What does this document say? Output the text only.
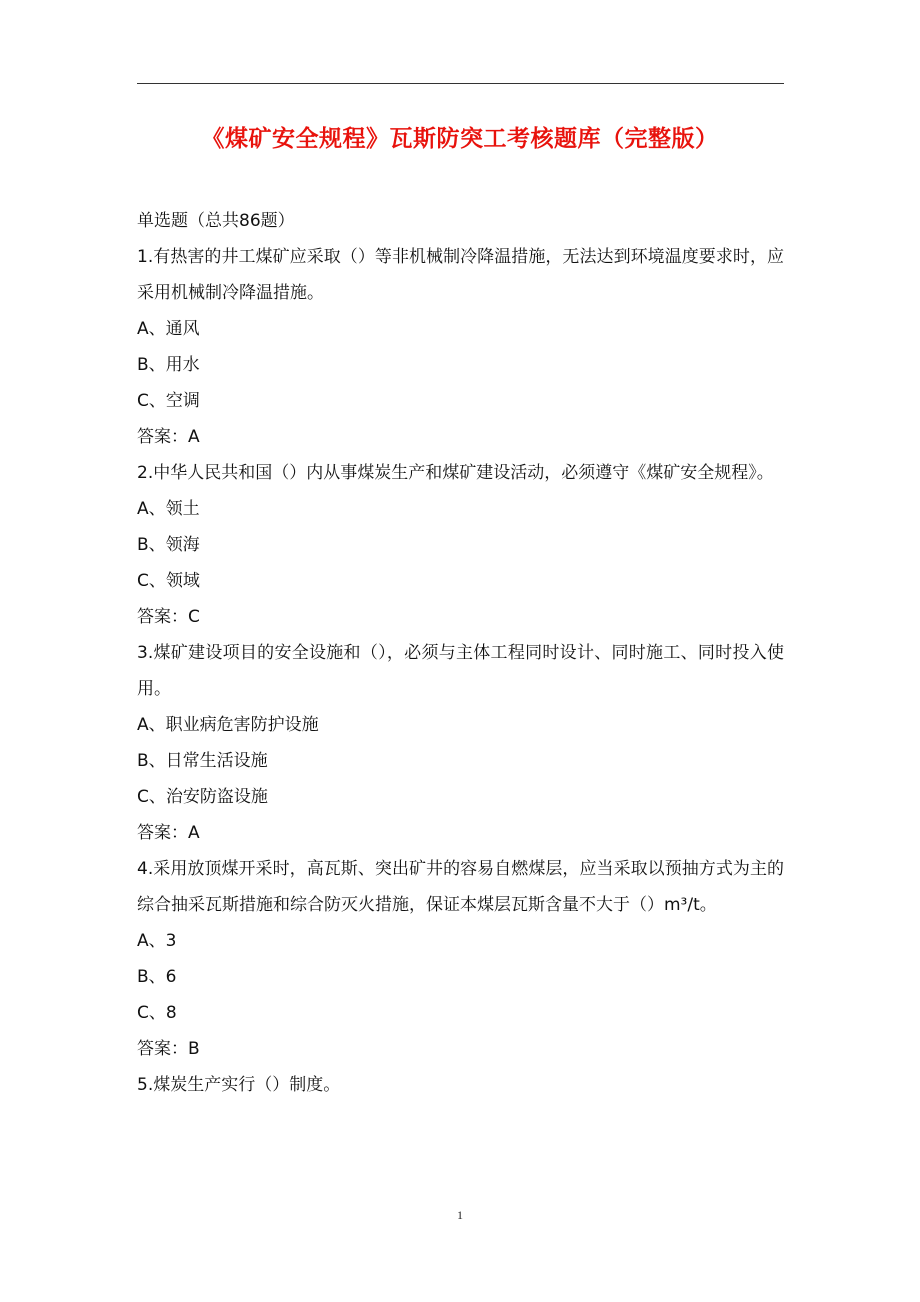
《煤矿安全规程》瓦斯防突工考核题库（完整版）
单选题（总共86题）
1.有热害的井工煤矿应采取（）等非机械制冷降温措施，无法达到环境温度要求时，应采用机械制冷降温措施。
A、通风
B、用水
C、空调
答案：A
2.中华人民共和国（）内从事煤炭生产和煤矿建设活动，必须遵守《煤矿安全规程》。
A、领土
B、领海
C、领域
答案：C
3.煤矿建设项目的安全设施和（），必须与主体工程同时设计、同时施工、同时投入使用。
A、职业病危害防护设施
B、日常生活设施
C、治安防盗设施
答案：A
4.采用放顶煤开采时，高瓦斯、突出矿井的容易自燃煤层，应当采取以预抽方式为主的综合抽采瓦斯措施和综合防灭火措施，保证本煤层瓦斯含量不大于（）m³/t。
A、3
B、6
C、8
答案：B
5.煤炭生产实行（）制度。
1
